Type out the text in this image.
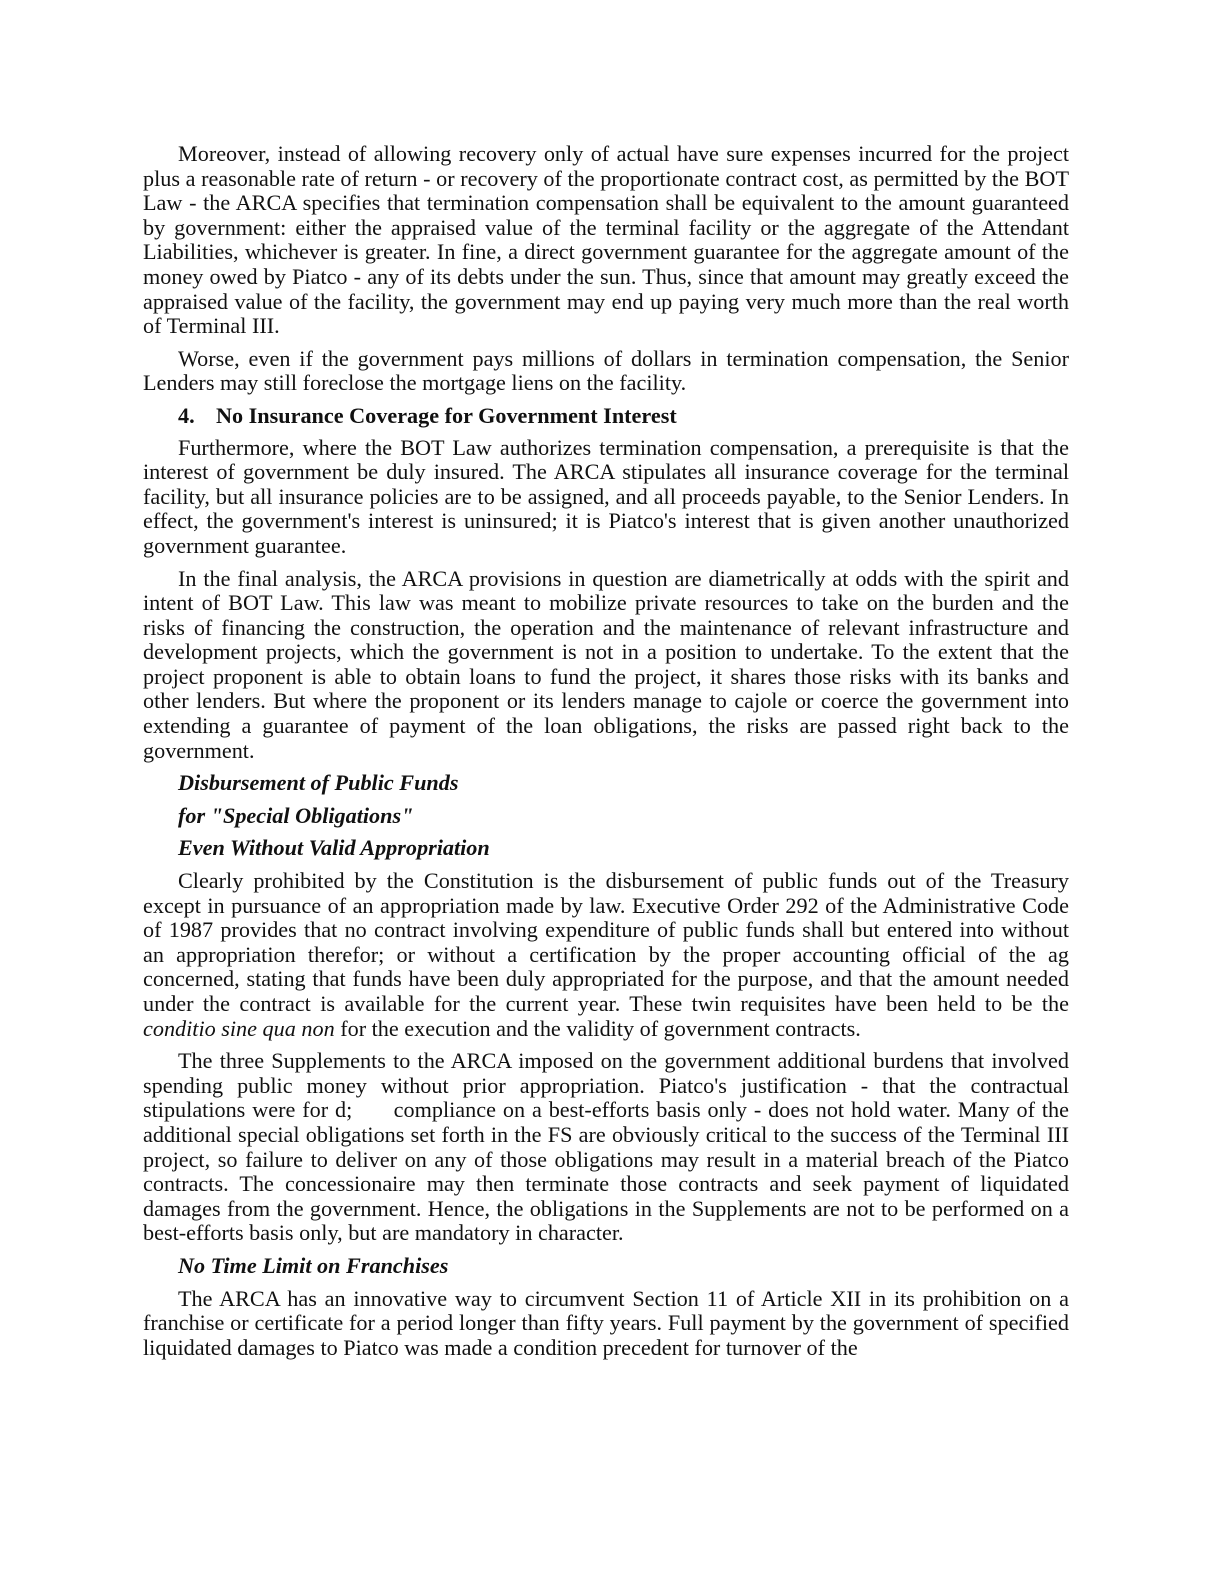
Moreover, instead of allowing recovery only of actual have sure expenses incurred for the project plus a reasonable rate of return - or recovery of the proportionate contract cost, as permitted by the BOT Law - the ARCA specifies that termination compensation shall be equivalent to the amount guaranteed by government: either the appraised value of the terminal facility or the aggregate of the Attendant Liabilities, whichever is greater. In fine, a direct government guarantee for the aggregate amount of the money owed by Piatco - any of its debts under the sun. Thus, since that amount may greatly exceed the appraised value of the facility, the government may end up paying very much more than the real worth of Terminal III.

Worse, even if the government pays millions of dollars in termination compensation, the Senior Lenders may still foreclose the mortgage liens on the facility.

4. No Insurance Coverage for Government Interest

Furthermore, where the BOT Law authorizes termination compensation, a prerequisite is that the interest of government be duly insured. The ARCA stipulates all insurance coverage for the terminal facility, but all insurance policies are to be assigned, and all proceeds payable, to the Senior Lenders. In effect, the government's interest is uninsured; it is Piatco's interest that is given another unauthorized government guarantee.

In the final analysis, the ARCA provisions in question are diametrically at odds with the spirit and intent of BOT Law. This law was meant to mobilize private resources to take on the burden and the risks of financing the construction, the operation and the maintenance of relevant infrastructure and development projects, which the government is not in a position to undertake. To the extent that the project proponent is able to obtain loans to fund the project, it shares those risks with its banks and other lenders. But where the proponent or its lenders manage to cajole or coerce the government into extending a guarantee of payment of the loan obligations, the risks are passed right back to the government.

Disbursement of Public Funds
for "Special Obligations"
Even Without Valid Appropriation

Clearly prohibited by the Constitution is the disbursement of public funds out of the Treasury except in pursuance of an appropriation made by law. Executive Order 292 of the Administrative Code of 1987 provides that no contract involving expenditure of public funds shall but entered into without an appropriation therefor; or without a certification by the proper accounting official of the ag concerned, stating that funds have been duly appropriated for the purpose, and that the amount needed under the contract is available for the current year. These twin requisites have been held to be the conditio sine qua non for the execution and the validity of government contracts.

The three Supplements to the ARCA imposed on the government additional burdens that involved spending public money without prior appropriation. Piatco's justification - that the contractual stipulations were for d;      compliance on a best-efforts basis only - does not hold water. Many of the additional special obligations set forth in the FS are obviously critical to the success of the Terminal III project, so failure to deliver on any of those obligations may result in a material breach of the Piatco contracts. The concessionaire may then terminate those contracts and seek payment of liquidated damages from the government. Hence, the obligations in the Supplements are not to be performed on a best-efforts basis only, but are mandatory in character.

No Time Limit on Franchises

The ARCA has an innovative way to circumvent Section 11 of Article XII in its prohibition on a franchise or certificate for a period longer than fifty years. Full payment by the government of specified liquidated damages to Piatco was made a condition precedent for turnover of the
